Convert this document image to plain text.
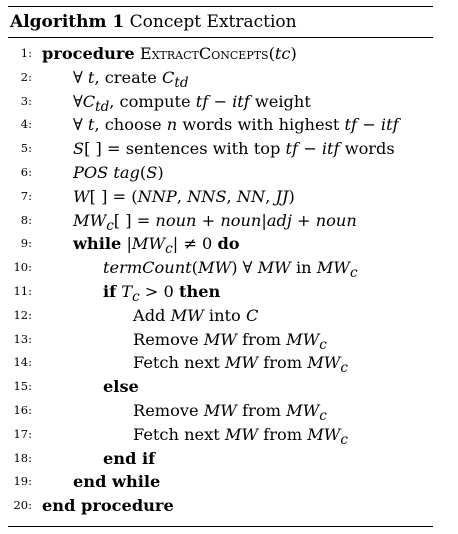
Algorithm 1 Concept Extraction
1: procedure ExtractConcepts(tc)
2:	∀ t, create $C_{td}$
3:	$\forall C_{td}$, compute tf − itf weight
4:	∀ t, choose n words with highest tf − itf
5:	S[ ] = sentences with top tf − itf words
6:	POS tag(S)
7:	W[ ] = (NNP, NNS, NN, JJ)
8:	$MW_c$[ ] = noun + noun|adj + noun
9:	while $|MW_c| \ne 0$ do
10:	termCount(MW) ∀ MW in $MW_c$
11:	if $T_c > 0$ then
12:	Add MW into C
13:	Remove MW from $MW_c$
14:	Fetch next MW from $MW_c$
15:	else
16:	Remove MW from $MW_c$
17:	Fetch next MW from $MW_c$
18:	end if
19:	end while
20: end procedure
